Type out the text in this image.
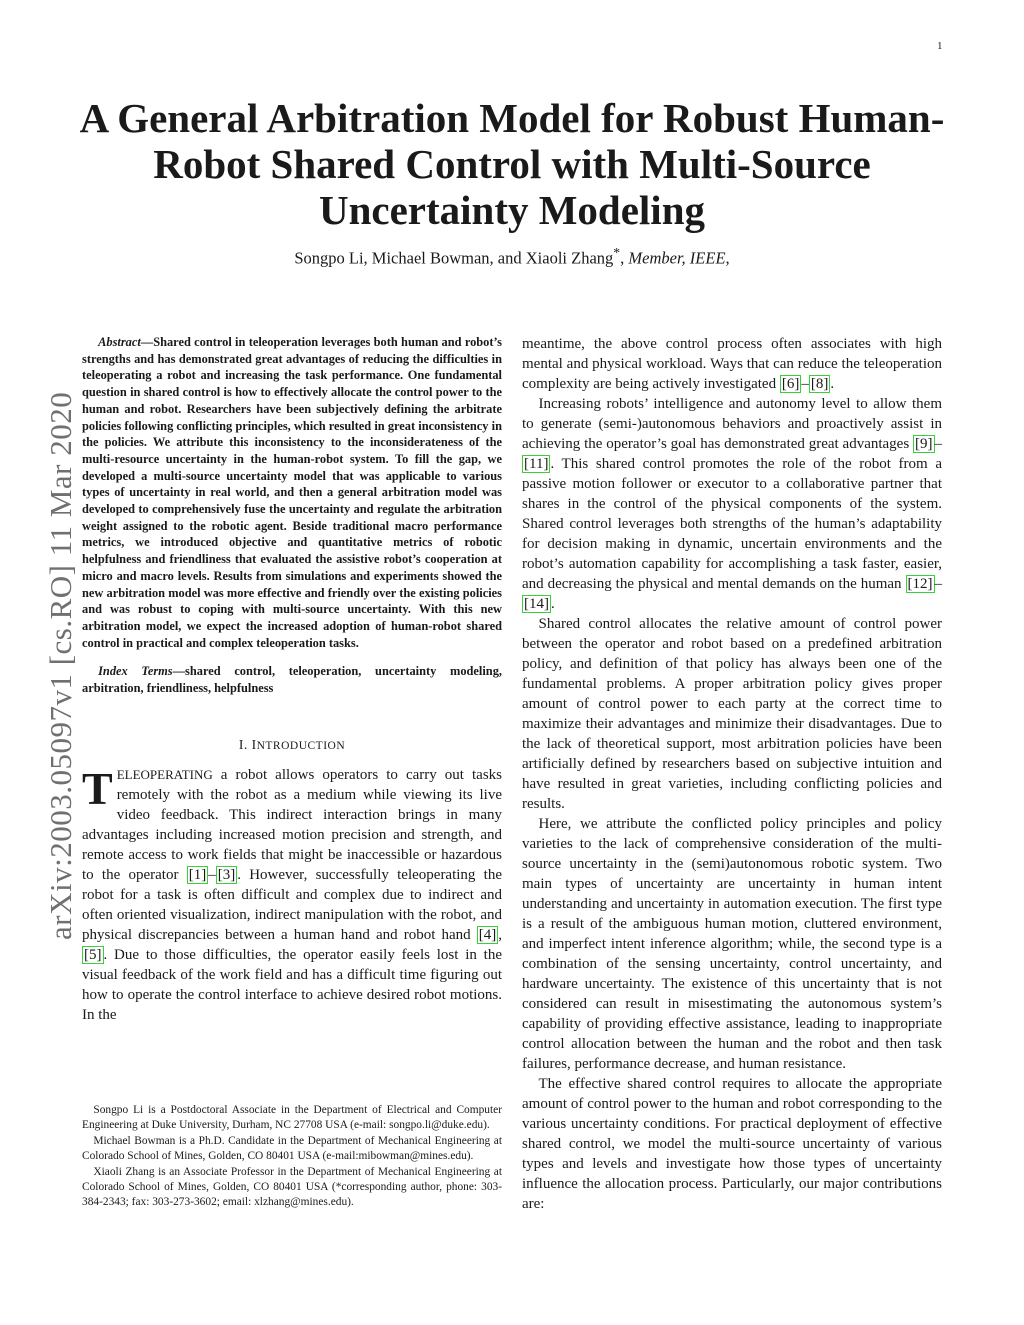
1
arXiv:2003.05097v1 [cs.RO] 11 Mar 2020
A General Arbitration Model for Robust Human-Robot Shared Control with Multi-Source Uncertainty Modeling
Songpo Li, Michael Bowman, and Xiaoli Zhang*, Member, IEEE,

Abstract—Shared control in teleoperation leverages both human and robot’s strengths and has demonstrated great advantages of reducing the difficulties in teleoperating a robot and increasing the task performance. One fundamental question in shared control is how to effectively allocate the control power to the human and robot. Researchers have been subjectively defining the arbitrate policies following conflicting principles, which resulted in great inconsistency in the policies. We attribute this inconsistency to the inconsiderateness of the multi-resource uncertainty in the human-robot system. To fill the gap, we developed a multi-source uncertainty model that was applicable to various types of uncertainty in real world, and then a general arbitration model was developed to comprehensively fuse the uncertainty and regulate the arbitration weight assigned to the robotic agent. Beside traditional macro performance metrics, we introduced objective and quantitative metrics of robotic helpfulness and friendliness that evaluated the assistive robot’s cooperation at micro and macro levels. Results from simulations and experiments showed the new arbitration model was more effective and friendly over the existing policies and was robust to coping with multi-source uncertainty. With this new arbitration model, we expect the increased adoption of human-robot shared control in practical and complex teleoperation tasks.

Index Terms—shared control, teleoperation, uncertainty modeling, arbitration, friendliness, helpfulness

I. INTRODUCTION

TELEOPERATING a robot allows operators to carry out tasks remotely with the robot as a medium while viewing its live video feedback. This indirect interaction brings in many advantages including increased motion precision and strength, and remote access to work fields that might be inaccessible or hazardous to the operator [1] – [3] . However, successfully teleoperating the robot for a task is often difficult and complex due to indirect and often oriented visualization, indirect manipulation with the robot, and physical discrepancies between a human hand and robot hand [4] , [5] . Due to those difficulties, the operator easily feels lost in the visual feedback of the work field and has a difficult time figuring out how to operate the control interface to achieve desired robot motions. In the

Songpo Li is a Postdoctoral Associate in the Department of Electrical and Computer Engineering at Duke University, Durham, NC 27708 USA (e-mail: songpo.li@duke.edu).

Michael Bowman is a Ph.D. Candidate in the Department of Mechanical Engineering at Colorado School of Mines, Golden, CO 80401 USA (e-mail:mibowman@mines.edu).

Xiaoli Zhang is an Associate Professor in the Department of Mechanical Engineering at Colorado School of Mines, Golden, CO 80401 USA (*corresponding author, phone: 303-384-2343; fax: 303-273-3602; email: xlzhang@mines.edu).

meantime, the above control process often associates with high mental and physical workload. Ways that can reduce the teleoperation complexity are being actively investigated [6] – [8] .

Increasing robots’ intelligence and autonomy level to allow them to generate (semi-)autonomous behaviors and proactively assist in achieving the operator’s goal has demonstrated great advantages [9] –[11] . This shared control promotes the role of the robot from a passive motion follower or executor to a collaborative partner that shares in the control of the physical components of the system. Shared control leverages both strengths of the human’s adaptability for decision making in dynamic, uncertain environments and the robot’s automation capability for accomplishing a task faster, easier, and decreasing the physical and mental demands on the human [12] –[14] .

Shared control allocates the relative amount of control power between the operator and robot based on a predefined arbitration policy, and definition of that policy has always been one of the fundamental problems. A proper arbitration policy gives proper amount of control power to each party at the correct time to maximize their advantages and minimize their disadvantages. Due to the lack of theoretical support, most arbitration policies have been artificially defined by researchers based on subjective intuition and have resulted in great varieties, including conflicting policies and results.

Here, we attribute the conflicted policy principles and policy varieties to the lack of comprehensive consideration of the multi-source uncertainty in the (semi)autonomous robotic system. Two main types of uncertainty are uncertainty in human intent understanding and uncertainty in automation execution. The first type is a result of the ambiguous human motion, cluttered environment, and imperfect intent inference algorithm; while, the second type is a combination of the sensing uncertainty, control uncertainty, and hardware uncertainty. The existence of this uncertainty that is not considered can result in misestimating the autonomous system’s capability of providing effective assistance, leading to inappropriate control allocation between the human and the robot and then task failures, performance decrease, and human resistance.

The effective shared control requires to allocate the appropriate amount of control power to the human and robot corresponding to the various uncertainty conditions. For practical deployment of effective shared control, we model the multi-source uncertainty of various types and levels and investigate how those types of uncertainty influence the allocation process. Particularly, our major contributions are:
